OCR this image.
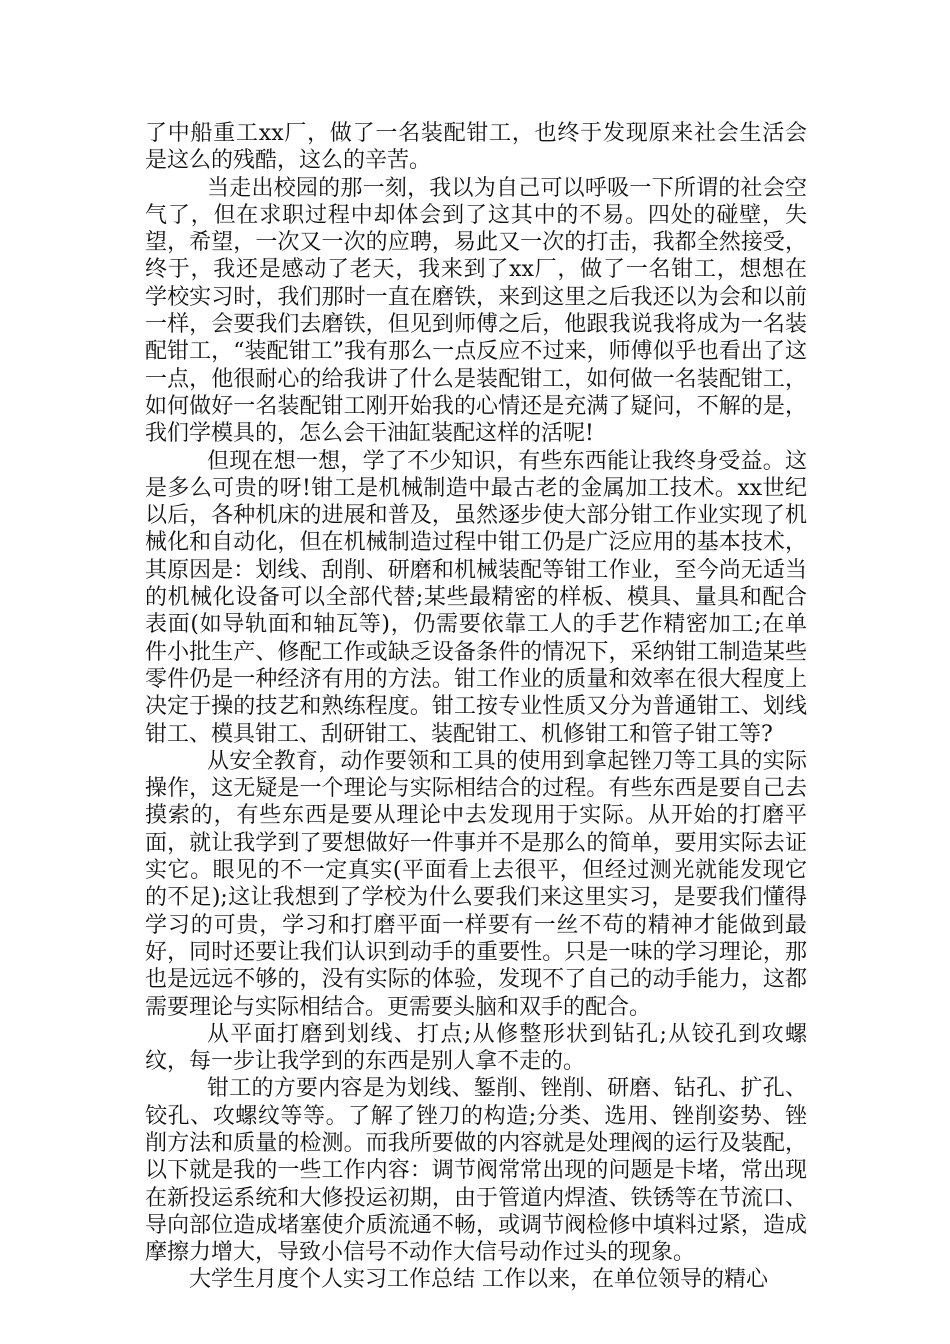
了中船重工xx厂，做了一名装配钳工，也终于发现原来社会生活会是这么的残酷，这么的辛苦。

当走出校园的那一刻，我以为自己可以呼吸一下所谓的社会空气了，但在求职过程中却体会到了这其中的不易。四处的碰壁，失望，希望，一次又一次的应聘，易此又一次的打击，我都全然接受，终于，我还是感动了老天，我来到了xx厂，做了一名钳工，想想在学校实习时，我们那时一直在磨铁，来到这里之后我还以为会和以前一样，会要我们去磨铁，但见到师傅之后，他跟我说我将成为一名装配钳工，“装配钳工”我有那么一点反应不过来，师傅似乎也看出了这一点，他很耐心的给我讲了什么是装配钳工，如何做一名装配钳工，如何做好一名装配钳工刚开始我的心情还是充满了疑问，不解的是，我们学模具的，怎么会干油缸装配这样的活呢!

但现在想一想，学了不少知识，有些东西能让我终身受益。这是多么可贵的呀!钳工是机械制造中最古老的金属加工技术。xx世纪以后，各种机床的进展和普及，虽然逐步使大部分钳工作业实现了机械化和自动化，但在机械制造过程中钳工仍是广泛应用的基本技术，其原因是：划线、刮削、研磨和机械装配等钳工作业，至今尚无适当的机械化设备可以全部代替;某些最精密的样板、模具、量具和配合表面(如导轨面和轴瓦等)，仍需要依靠工人的手艺作精密加工;在单件小批生产、修配工作或缺乏设备条件的情况下，采纳钳工制造某些零件仍是一种经济有用的方法。钳工作业的质量和效率在很大程度上决定于操的技艺和熟练程度。钳工按专业性质又分为普通钳工、划线钳工、模具钳工、刮研钳工、装配钳工、机修钳工和管子钳工等?

从安全教育，动作要领和工具的使用到拿起锉刀等工具的实际操作，这无疑是一个理论与实际相结合的过程。有些东西是要自己去摸索的，有些东西是要从理论中去发现用于实际。从开始的打磨平面，就让我学到了要想做好一件事并不是那么的简单，要用实际去证实它。眼见的不一定真实(平面看上去很平，但经过测光就能发现它的不足);这让我想到了学校为什么要我们来这里实习，是要我们懂得学习的可贵，学习和打磨平面一样要有一丝不苟的精神才能做到最好，同时还要让我们认识到动手的重要性。只是一味的学习理论，那也是远远不够的，没有实际的体验，发现不了自己的动手能力，这都需要理论与实际相结合。更需要头脑和双手的配合。

从平面打磨到划线、打点;从修整形状到钻孔;从铰孔到攻螺纹，每一步让我学到的东西是别人拿不走的。

钳工的方要内容是为划线、錾削、锉削、研磨、钻孔、扩孔、铰孔、攻螺纹等等。了解了锉刀的构造;分类、选用、锉削姿势、锉削方法和质量的检测。而我所要做的内容就是处理阀的运行及装配，以下就是我的一些工作内容：调节阀常常出现的问题是卡堵，常出现在新投运系统和大修投运初期，由于管道内焊渣、铁锈等在节流口、导向部位造成堵塞使介质流通不畅，或调节阀检修中填料过紧，造成摩擦力增大，导致小信号不动作大信号动作过头的现象。

大学生月度个人实习工作总结 工作以来，在单位领导的精心
